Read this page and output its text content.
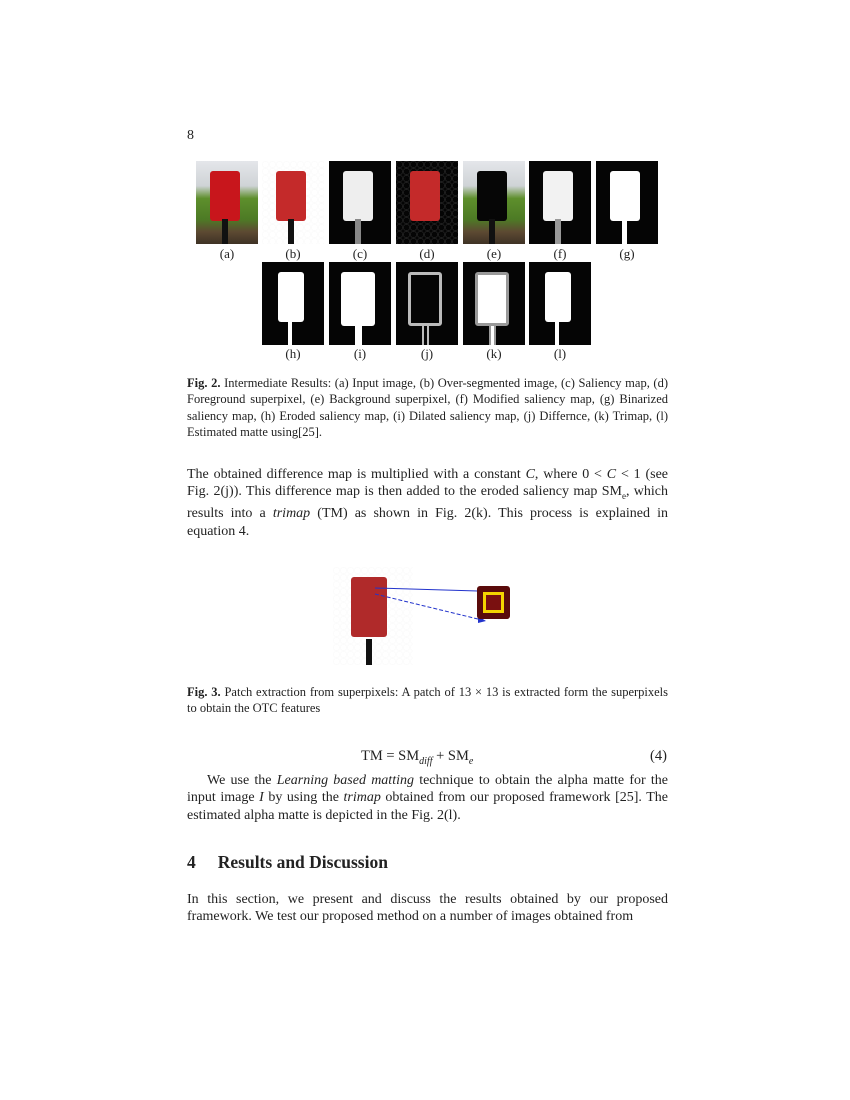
8
(a)	(b)	(c)	(d)	(e)	(f)	(g)
(h)	(i)	(j)	(k)	(l)
Fig. 2. Intermediate Results: (a) Input image, (b) Over-segmented image, (c) Saliency map, (d) Foreground superpixel, (e) Background superpixel, (f) Modified saliency map, (g) Binarized saliency map, (h) Eroded saliency map, (i) Dilated saliency map, (j) Differnce, (k) Trimap, (l) Estimated matte using[25].
The obtained difference map is multiplied with a constant C, where 0 < C < 1 (see Fig. 2(j)). This difference map is then added to the eroded saliency map $SM_e$, which results into a trimap (TM) as shown in Fig. 2(k). This process is explained in equation 4.
Fig. 3. Patch extraction from superpixels: A patch of 13 × 13 is extracted form the superpixels to obtain the OTC features
TM = $SM_{diff} + SM_e$	(4)
We use the Learning based matting technique to obtain the alpha matte for the input image I by using the trimap obtained from our proposed framework [25]. The estimated alpha matte is depicted in the Fig. 2(l).
4 Results and Discussion
In this section, we present and discuss the results obtained by our proposed framework. We test our proposed method on a number of images obtained from
